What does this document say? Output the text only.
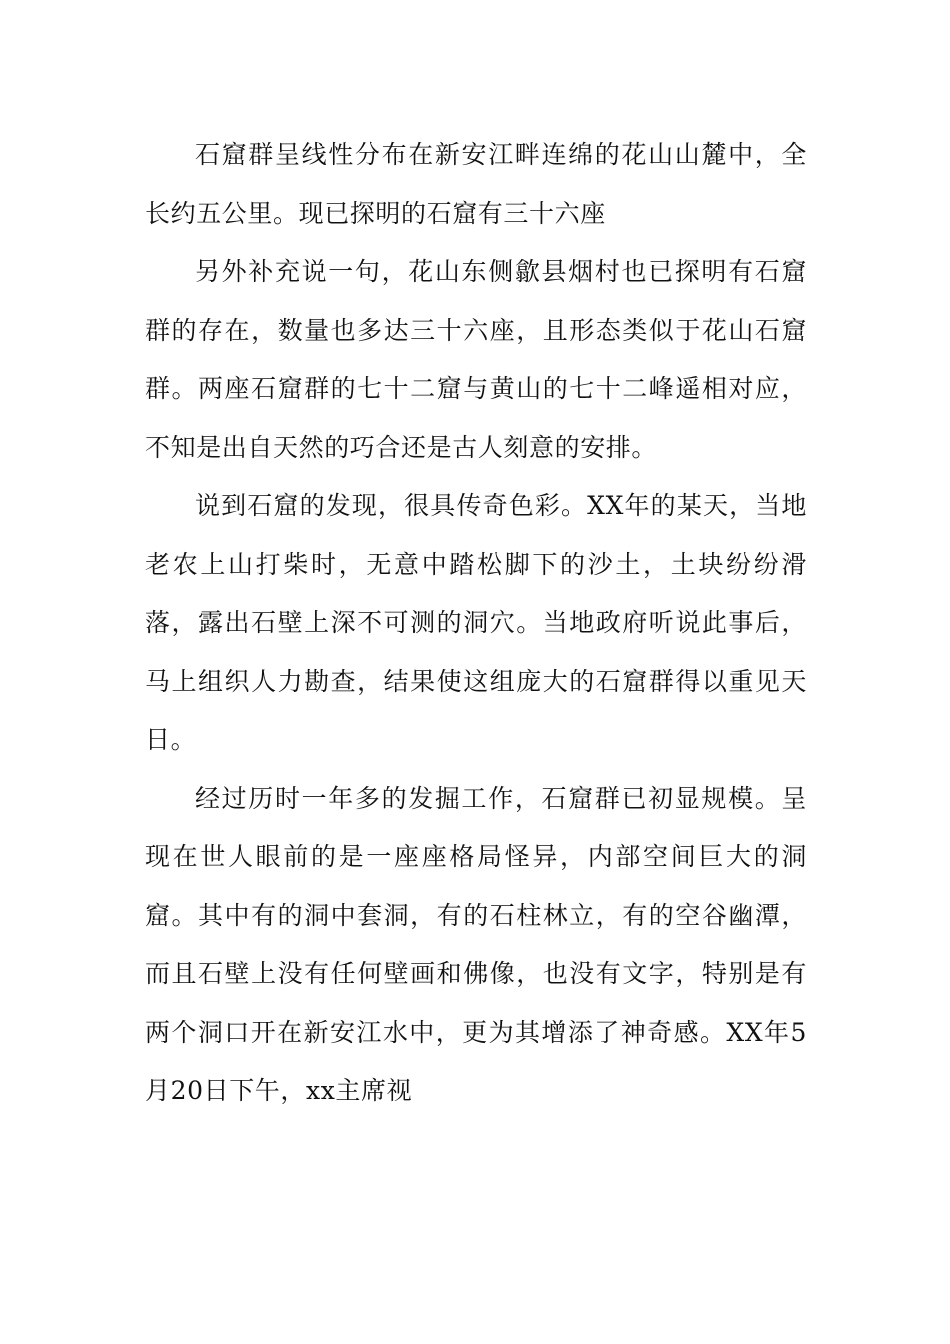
石窟群呈线性分布在新安江畔连绵的花山山麓中，全长约五公里。现已探明的石窟有三十六座

另外补充说一句，花山东侧歙县烟村也已探明有石窟群的存在，数量也多达三十六座，且形态类似于花山石窟群。两座石窟群的七十二窟与黄山的七十二峰遥相对应，不知是出自天然的巧合还是古人刻意的安排。

说到石窟的发现，很具传奇色彩。XX年的某天，当地老农上山打柴时，无意中踏松脚下的沙土，土块纷纷滑落，露出石壁上深不可测的洞穴。当地政府听说此事后，马上组织人力勘查，结果使这组庞大的石窟群得以重见天日。

经过历时一年多的发掘工作，石窟群已初显规模。呈现在世人眼前的是一座座格局怪异，内部空间巨大的洞窟。其中有的洞中套洞，有的石柱林立，有的空谷幽潭，而且石壁上没有任何壁画和佛像，也没有文字，特别是有两个洞口开在新安江水中，更为其增添了神奇感。XX年5月20日下午，xx主席视
